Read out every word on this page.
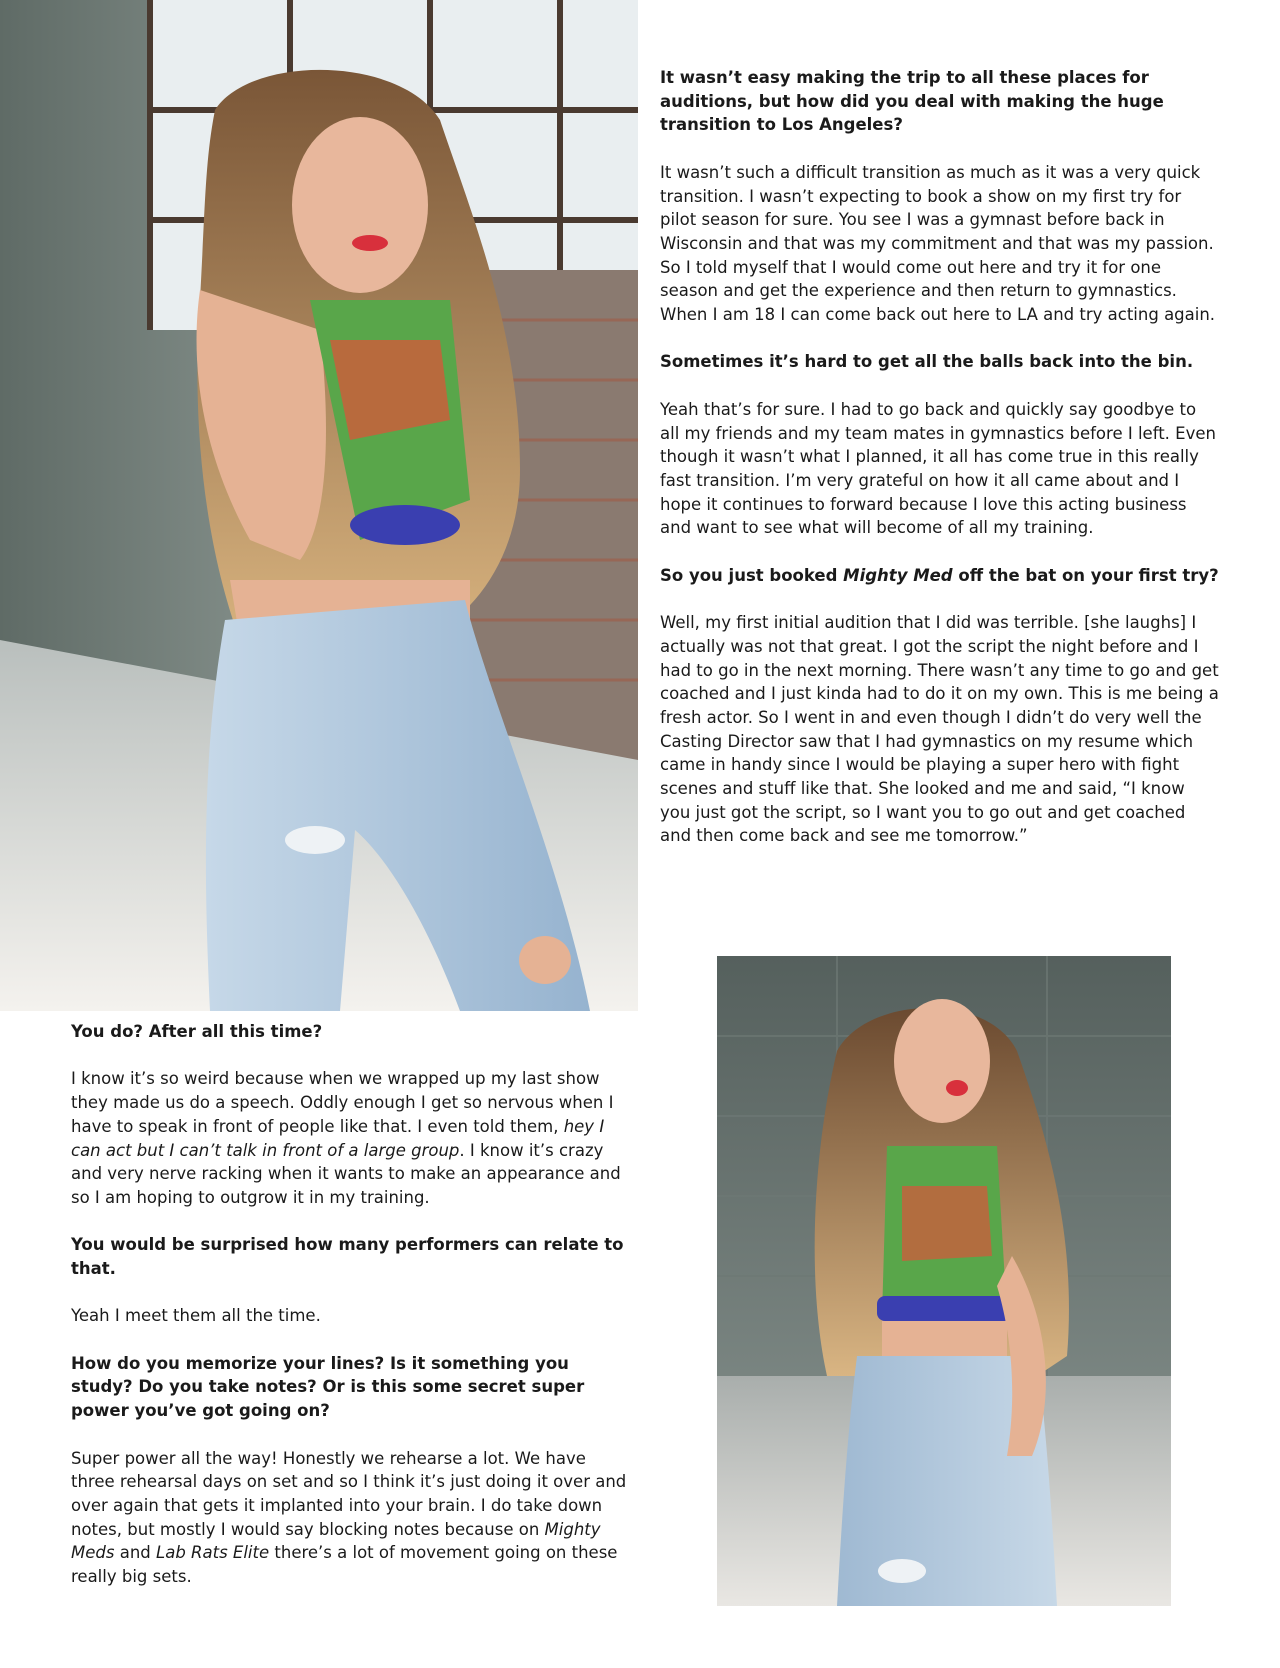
It wasn’t easy making the trip to all these places for auditions, but how did you deal with making the huge transition to Los Angeles?

It wasn’t such a difficult transition as much as it was a very quick transition. I wasn’t expecting to book a show on my first try for pilot season for sure. You see I was a gymnast before back in Wisconsin and that was my commitment and that was my passion. So I told myself that I would come out here and try it for one season and get the experience and then return to gymnastics. When I am 18 I can come back out here to LA and try acting again.

Sometimes it’s hard to get all the balls back into the bin.

Yeah that’s for sure. I had to go back and quickly say goodbye to all my friends and my team mates in gymnastics before I left. Even though it wasn’t what I planned, it all has come true in this really fast transition. I’m very grateful on how it all came about and I hope it continues to forward because I love this acting business and want to see what will become of all my training.

So you just booked Mighty Med off the bat on your first try?

Well, my first initial audition that I did was terrible. [she laughs] I actually was not that great. I got the script the night before and I had to go in the next morning. There wasn’t any time to go and get coached and I just kinda had to do it on my own. This is me being a fresh actor. So I went in and even though I didn’t do very well the Casting Director saw that I had gymnastics on my resume which came in handy since I would be playing a super hero with fight scenes and stuff like that. She looked and me and said, “I know you just got the script, so I want you to go out and get coached and then come back and see me tomorrow.”

You do? After all this time?

I know it’s so weird because when we wrapped up my last show they made us do a speech. Oddly enough I get so nervous when I have to speak in front of people like that. I even told them, hey I can act but I can’t talk in front of a large group. I know it’s crazy and very nerve racking when it wants to make an appearance and so I am hoping to outgrow it in my training.

You would be surprised how many performers can relate to that.

Yeah I meet them all the time.

How do you memorize your lines? Is it something you study? Do you take notes? Or is this some secret super power you’ve got going on?

Super power all the way! Honestly we rehearse a lot. We have three rehearsal days on set and so I think it’s just doing it over and over again that gets it implanted into your brain. I do take down notes, but mostly I would say blocking notes because on Mighty Meds and Lab Rats Elite there’s a lot of movement going on these really big sets.
